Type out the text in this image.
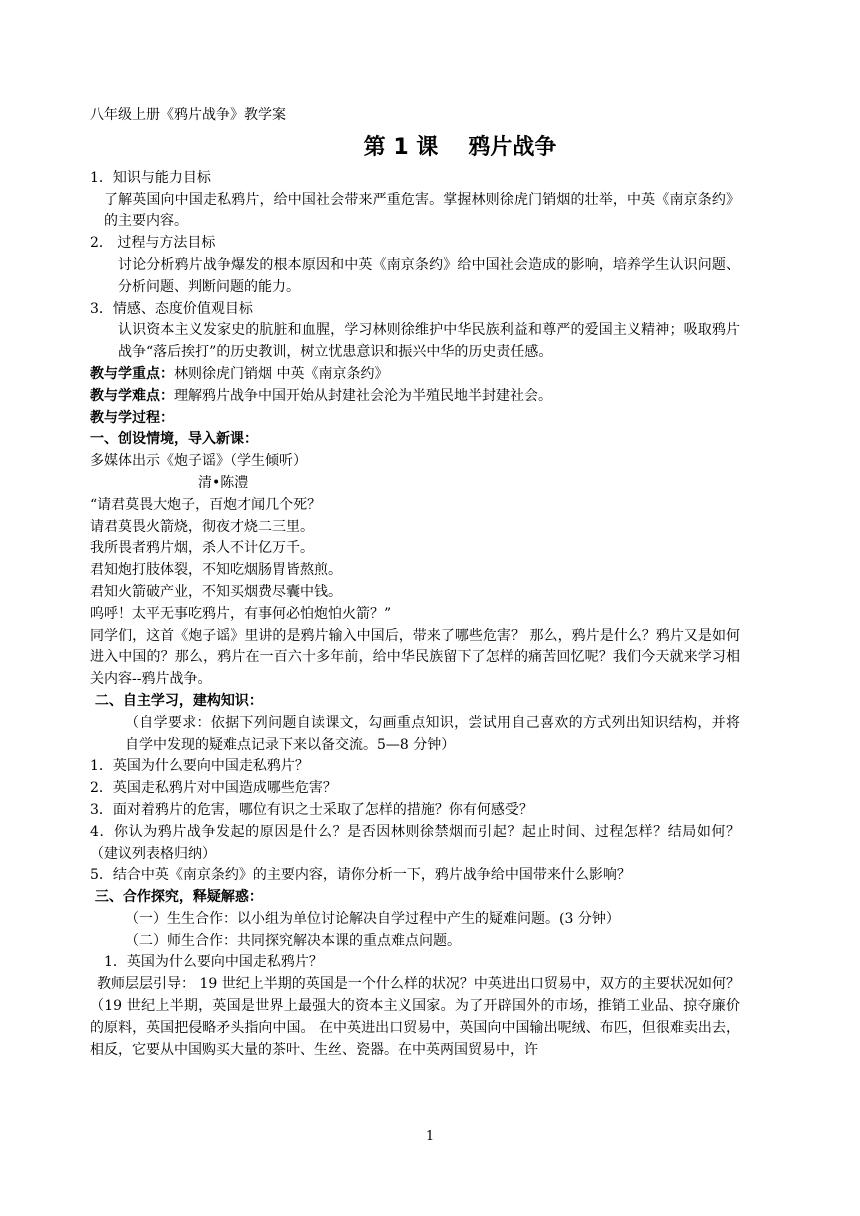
八年级上册《鸦片战争》教学案

第 1 课 鸦片战争

1．知识与能力目标

了解英国向中国走私鸦片，给中国社会带来严重危害。掌握林则徐虎门销烟的壮举，中英《南京条约》的主要内容。

2． 过程与方法目标

讨论分析鸦片战争爆发的根本原因和中英《南京条约》给中国社会造成的影响，培养学生认识问题、分析问题、判断问题的能力。

3．情感、态度价值观目标

认识资本主义发家史的肮脏和血腥，学习林则徐维护中华民族利益和尊严的爱国主义精神；吸取鸦片战争“落后挨打”的历史教训，树立忧患意识和振兴中华的历史责任感。

教与学重点：林则徐虎门销烟 中英《南京条约》

教与学难点：理解鸦片战争中国开始从封建社会沦为半殖民地半封建社会。

教与学过程：

一、创设情境，导入新课：

多媒体出示《炮子谣》（学生倾听）

清•陈澧

“请君莫畏大炮子，百炮才闻几个死？

请君莫畏火箭烧，彻夜才烧二三里。

我所畏者鸦片烟，杀人不计亿万千。

君知炮打肢体裂，不知吃烟肠胃皆熬煎。

君知火箭破产业，不知买烟费尽囊中钱。

呜呼！太平无事吃鸦片，有事何必怕炮怕火箭？”

同学们，这首《炮子谣》里讲的是鸦片输入中国后，带来了哪些危害？ 那么，鸦片是什么？鸦片又是如何进入中国的？那么，鸦片在一百六十多年前，给中华民族留下了怎样的痛苦回忆呢？我们今天就来学习相关内容--鸦片战争。

二、自主学习，建构知识：

（自学要求：依据下列问题自读课文，勾画重点知识，尝试用自己喜欢的方式列出知识结构，并将自学中发现的疑难点记录下来以备交流。5—8 分钟）

1．英国为什么要向中国走私鸦片？

2．英国走私鸦片对中国造成哪些危害？

3．面对着鸦片的危害，哪位有识之士采取了怎样的措施？你有何感受？

4．你认为鸦片战争发起的原因是什么？是否因林则徐禁烟而引起？起止时间、过程怎样？结局如何？（建议列表格归纳）

5．结合中英《南京条约》的主要内容，请你分析一下，鸦片战争给中国带来什么影响？

三、合作探究，释疑解惑：

（一）生生合作：以小组为单位讨论解决自学过程中产生的疑难问题。(3 分钟）

（二）师生合作：共同探究解决本课的重点难点问题。

1．英国为什么要向中国走私鸦片？

教师层层引导： 19 世纪上半期的英国是一个什么样的状况？中英进出口贸易中，双方的主要状况如何？（19 世纪上半期，英国是世界上最强大的资本主义国家。为了开辟国外的市场，推销工业品、掠夺廉价的原料，英国把侵略矛头指向中国。 在中英进出口贸易中，英国向中国输出呢绒、布匹，但很难卖出去，相反，它要从中国购买大量的茶叶、生丝、瓷器。在中英两国贸易中，许

1
